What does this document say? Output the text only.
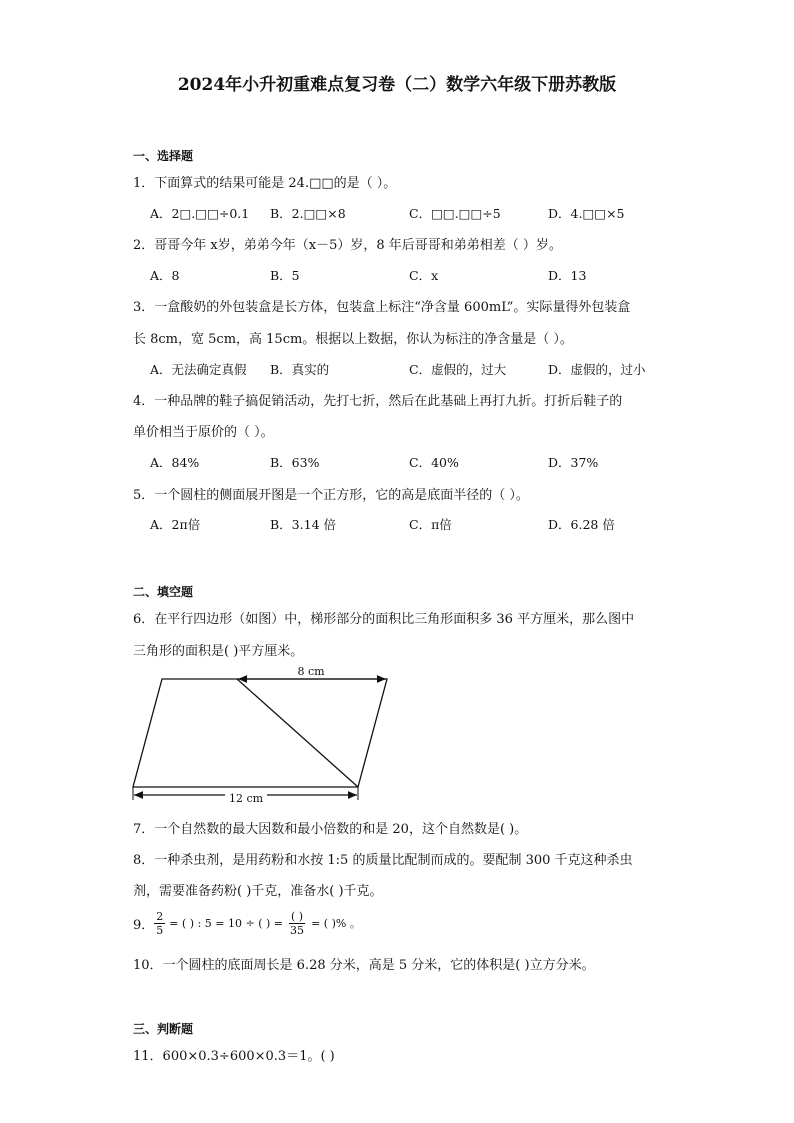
2024年小升初重难点复习卷（二）数学六年级下册苏教版
一、选择题
1．下面算式的结果可能是 24.□□的是（ ）。
A．2□.□□÷0.1 B．2.□□×8	C．□□.□□÷5	D．4.□□×5
2．哥哥今年 x岁，弟弟今年（x－5）岁，8 年后哥哥和弟弟相差（ ）岁。
A．8	B．5	C．x	D．13
3．一盒酸奶的外包装盒是长方体，包装盒上标注“净含量 600mL”。实际量得外包装盒
长 8cm，宽 5cm，高 15cm。根据以上数据，你认为标注的净含量是（ ）。
A．无法确定真假 B．真实的	C．虚假的，过大	D．虚假的，过小
4．一种品牌的鞋子搞促销活动，先打七折，然后在此基础上再打九折。打折后鞋子的
单价相当于原价的（ ）。
A．84%	B．63%	C．40%	D．37%
5．一个圆柱的侧面展开图是一个正方形，它的高是底面半径的（ ）。
A．2π倍	B．3.14 倍	C．π倍	D．6.28 倍
二、填空题
6．在平行四边形（如图）中，梯形部分的面积比三角形面积多 36 平方厘米，那么图中
三角形的面积是( )平方厘米。
8 cm
12 cm
7．一个自然数的最大因数和最小倍数的和是 20，这个自然数是( )。
8．一种杀虫剂，是用药粉和水按 1:5 的质量比配制而成的。要配制 300 千克这种杀虫
剂，需要准备药粉( )千克，准备水( )千克。
9． $\frac{2}{5}$ = ( ) : 5 = 10 ÷ ( ) = $\frac{( )}{35}$ = ( )% 。
10．一个圆柱的底面周长是 6.28 分米，高是 5 分米，它的体积是( )立方分米。
三、判断题
11．600×0.3÷600×0.3＝1。( )
